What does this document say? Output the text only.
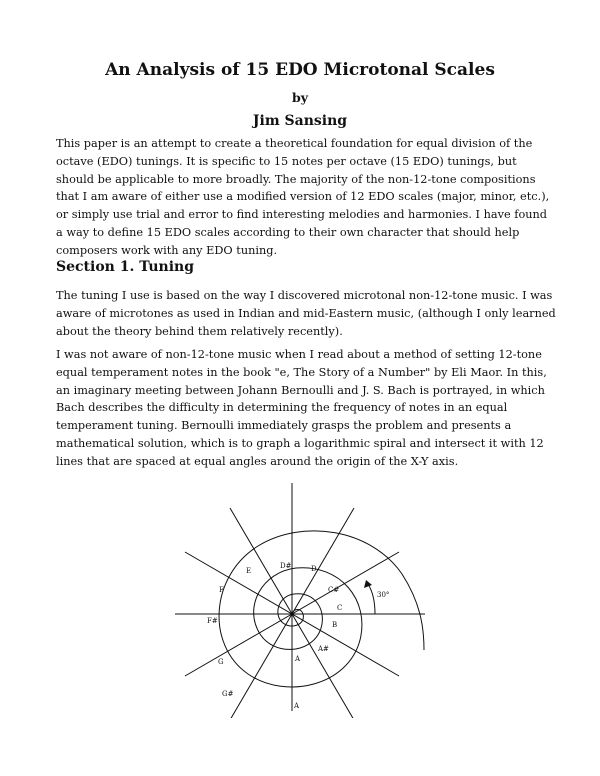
An Analysis of 15 EDO Microtonal Scales
by
Jim Sansing

This paper is an attempt to create a theoretical foundation for equal division of the octave (EDO) tunings. It is specific to 15 notes per octave (15 EDO) tunings, but should be applicable to more broadly. The majority of the non-12-tone compositions that I am aware of either use a modified version of 12 EDO scales (major, minor, etc.), or simply use trial and error to find interesting melodies and harmonies. I have found a way to define 15 EDO scales according to their own character that should help composers work with any EDO tuning.

Section 1. Tuning

The tuning I use is based on the way I discovered microtonal non-12-tone music. I was aware of microtones as used in Indian and mid-Eastern music, (although I only learned about the theory behind them relatively recently).

I was not aware of non-12-tone music when I read about a method of setting 12-tone equal temperament notes in the book "e, The Story of a Number" by Eli Maor. In this, an imaginary meeting between Johann Bernoulli and J. S. Bach is portrayed, in which Bach describes the difficulty in determining the frequency of notes in an equal temperament tuning. Bernoulli immediately grasps the problem and presents a mathematical solution, which is to graph a logarithmic spiral and intersect it with 12 lines that are spaced at equal angles around the origin of the X-Y axis.

D#
E	D
C#
30°
F
C
B
F#
A#
A
G
G#
A
